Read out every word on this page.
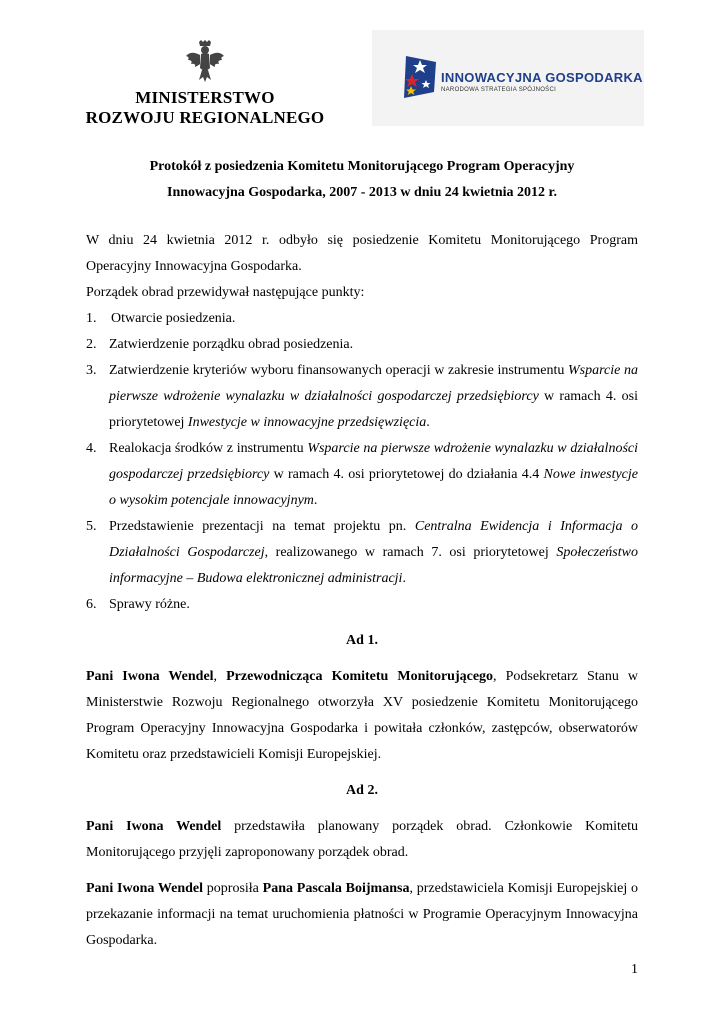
MINISTERSTWO
ROZWOJU REGIONALNEGO
INNOWACYJNA GOSPODARKA
NARODOWA STRATEGIA SPÓJNOŚCI
Protokół z posiedzenia Komitetu Monitorującego Program Operacyjny
Innowacyjna Gospodarka, 2007 - 2013 w dniu 24 kwietnia 2012 r.

W dniu 24 kwietnia 2012 r. odbyło się posiedzenie Komitetu Monitorującego Program Operacyjny Innowacyjna Gospodarka.

Porządek obrad przewidywał następujące punkty:

1. Otwarcie posiedzenia.
2. Zatwierdzenie porządku obrad posiedzenia.
3. Zatwierdzenie kryteriów wyboru finansowanych operacji w zakresie instrumentu Wsparcie na pierwsze wdrożenie wynalazku w działalności gospodarczej przedsiębiorcy w ramach 4. osi priorytetowej Inwestycje w innowacyjne przedsięwzięcia.
4. Realokacja środków z instrumentu Wsparcie na pierwsze wdrożenie wynalazku w działalności gospodarczej przedsiębiorcy w ramach 4. osi priorytetowej do działania 4.4 Nowe inwestycje o wysokim potencjale innowacyjnym.
5. Przedstawienie prezentacji na temat projektu pn. Centralna Ewidencja i Informacja o Działalności Gospodarczej, realizowanego w ramach 7. osi priorytetowej Społeczeństwo informacyjne – Budowa elektronicznej administracji.
6. Sprawy różne.

Ad 1.

Pani Iwona Wendel, Przewodnicząca Komitetu Monitorującego, Podsekretarz Stanu w Ministerstwie Rozwoju Regionalnego otworzyła XV posiedzenie Komitetu Monitorującego Program Operacyjny Innowacyjna Gospodarka i powitała członków, zastępców, obserwatorów Komitetu oraz przedstawicieli Komisji Europejskiej.

Ad 2.

Pani Iwona Wendel przedstawiła planowany porządek obrad. Członkowie Komitetu Monitorującego przyjęli zaproponowany porządek obrad.

Pani Iwona Wendel poprosiła Pana Pascala Boijmansa, przedstawiciela Komisji Europejskiej o przekazanie informacji na temat uruchomienia płatności w Programie Operacyjnym Innowacyjna Gospodarka.

1
